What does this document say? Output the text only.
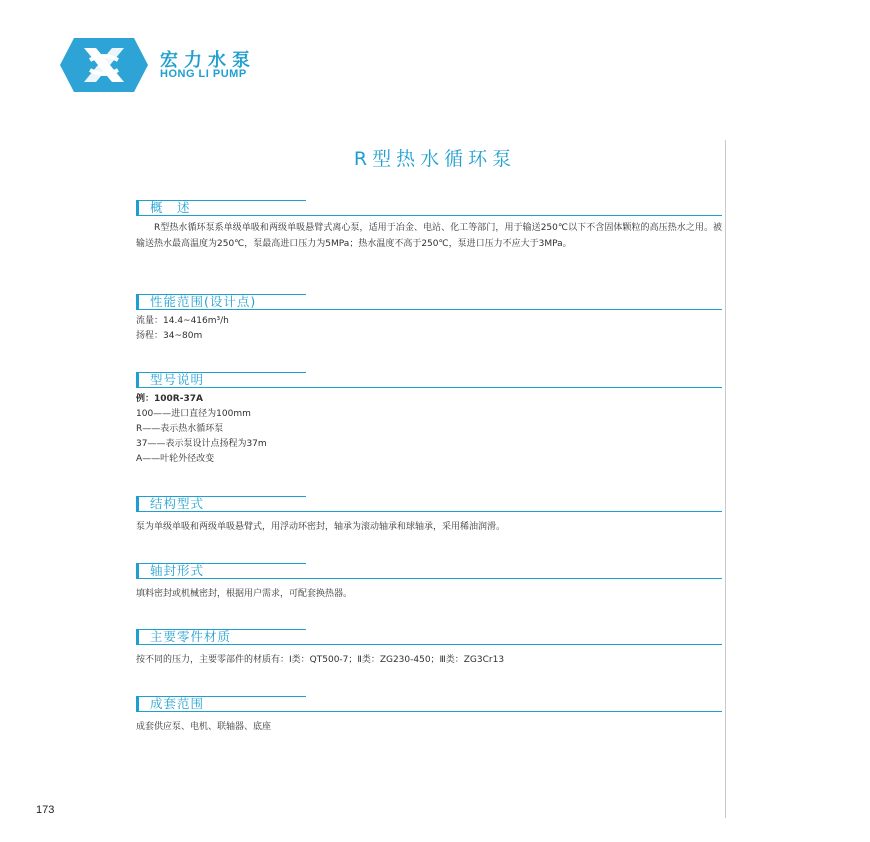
宏力水泵
HONG LI PUMP
R型热水循环泵
概　述
R型热水循环泵系单级单吸和两级单吸悬臂式离心泵，适用于冶金、电站、化工等部门，用于输送250℃以下不含固体颗粒的高压热水之用。被输送热水最高温度为250℃，泵最高进口压力为5MPa；热水温度不高于250℃，泵进口压力不应大于3MPa。
性能范围(设计点)
流量：14.4~416m³/h
扬程：34~80m
型号说明
例：100R-37A
100——进口直径为100mm
R——表示热水循环泵
37——表示泵设计点扬程为37m
A——叶轮外径改变
结构型式
泵为单级单吸和两级单吸悬臂式，用浮动环密封，轴承为滚动轴承和球轴承，采用稀油润滑。
轴封形式
填料密封或机械密封，根据用户需求，可配套换热器。
主要零件材质
按不同的压力，主要零部件的材质有：Ⅰ类：QT500-7；Ⅱ类：ZG230-450；Ⅲ类：ZG3Cr13
成套范围
成套供应泵、电机、联轴器、底座
173
